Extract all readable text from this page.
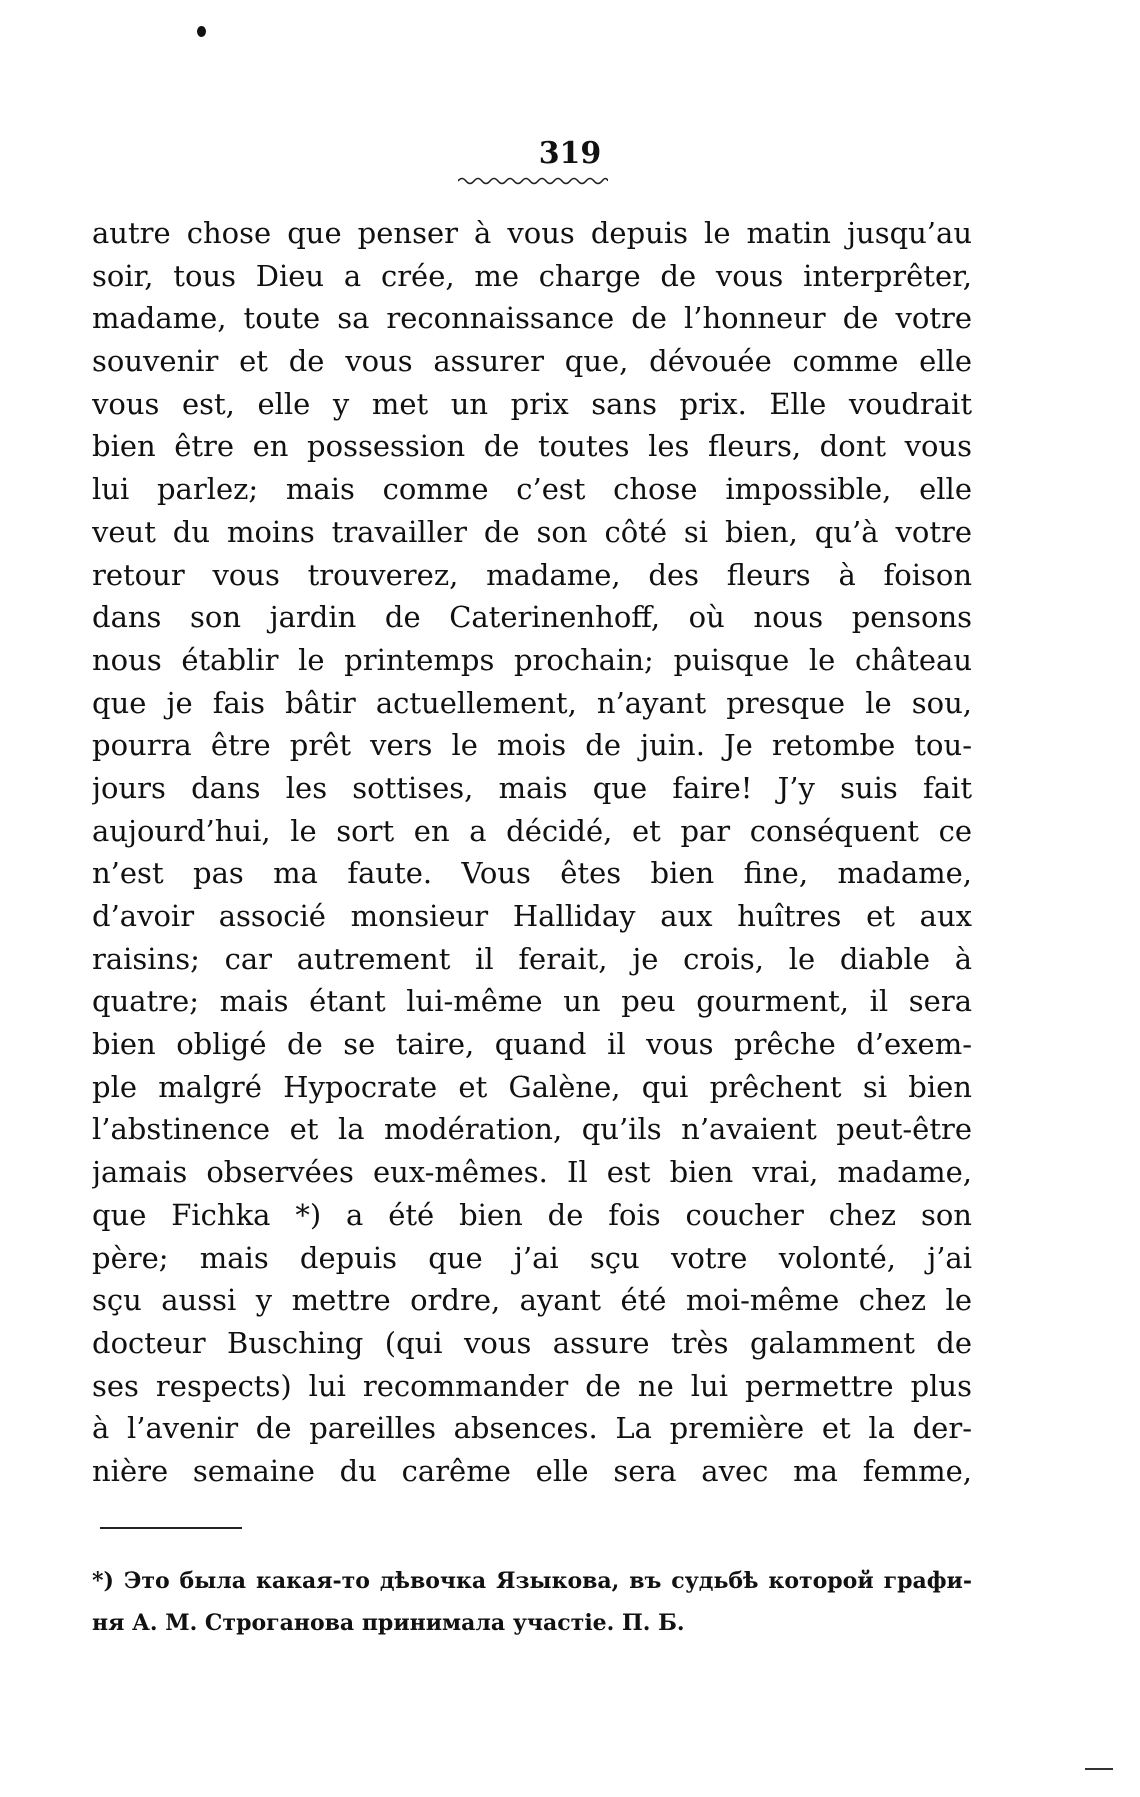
319
autre chose que penser à vous depuis le matin jusqu’au
soir, tous Dieu a crée, me charge de vous interprêter,
madame, toute sa reconnaissance de l’honneur de votre
souvenir et de vous assurer que, dévouée comme elle
vous est, elle y met un prix sans prix. Elle voudrait
bien être en possession de toutes les fleurs, dont vous
lui parlez; mais comme c’est chose impossible, elle
veut du moins travailler de son côté si bien, qu’à votre
retour vous trouverez, madame, des fleurs à foison
dans son jardin de Caterinenhoff, où nous pensons
nous établir le printemps prochain; puisque le château
que je fais bâtir actuellement, n’ayant presque le sou,
pourra être prêt vers le mois de juin. Je retombe tou-
jours dans les sottises, mais que faire! J’y suis fait
aujourd’hui, le sort en a décidé, et par conséquent ce
n’est pas ma faute. Vous êtes bien fine, madame,
d’avoir associé monsieur Halliday aux huîtres et aux
raisins; car autrement il ferait, je crois, le diable à
quatre; mais étant lui-même un peu gourment, il sera
bien obligé de se taire, quand il vous prêche d’exem-
ple malgré Hypocrate et Galène, qui prêchent si bien
l’abstinence et la modération, qu’ils n’avaient peut-être
jamais observées eux-mêmes. Il est bien vrai, madame,
que Fichka *) a été bien de fois coucher chez son
père; mais depuis que j’ai sçu votre volonté, j’ai
sçu aussi y mettre ordre, ayant été moi-même chez le
docteur Busching (qui vous assure très galamment de
ses respects) lui recommander de ne lui permettre plus
à l’avenir de pareilles absences. La première et la der-
nière semaine du carême elle sera avec ma femme,
*) Это была какая-то дѣвочка Языкова, въ судьбѣ которой графи-
ня А. М. Строганова принимала участіе. П. Б.
